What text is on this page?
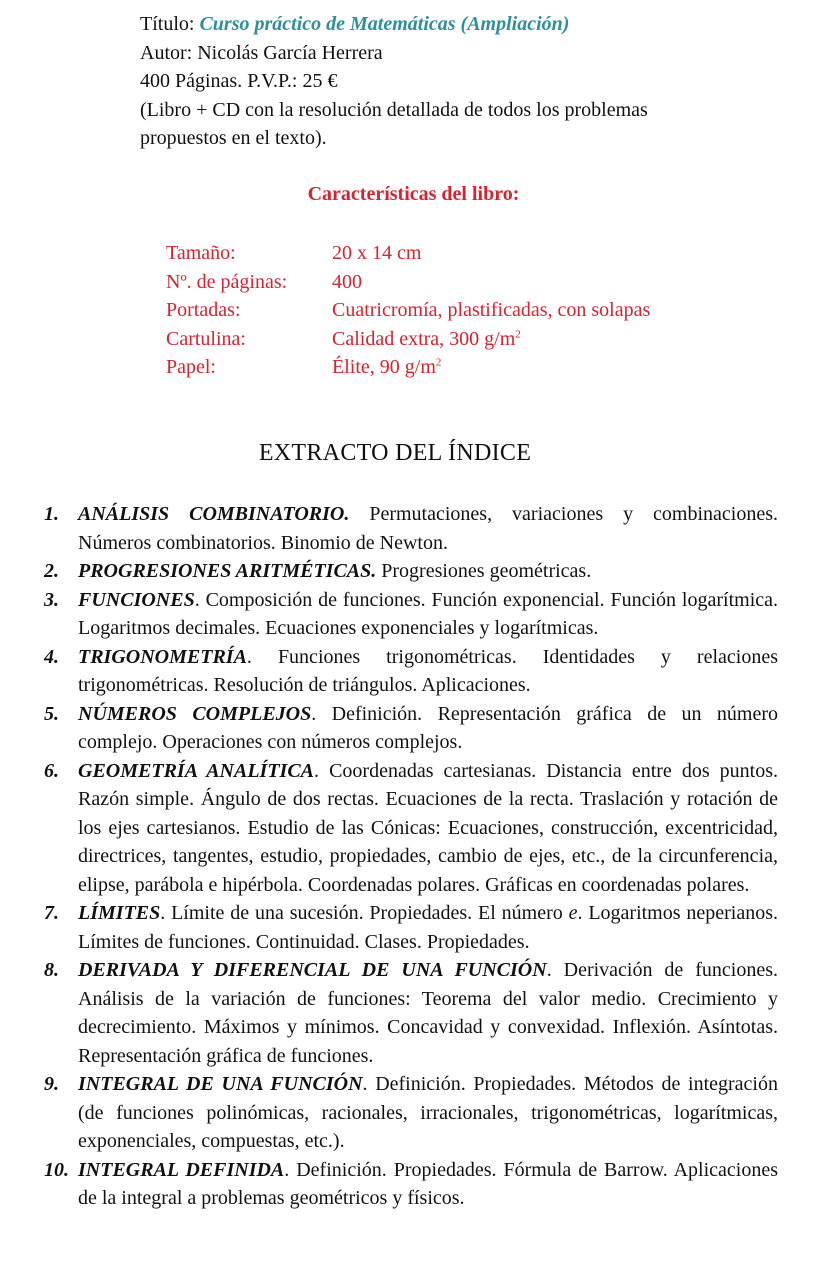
Título: Curso práctico de Matemáticas (Ampliación)
Autor: Nicolás García Herrera
400 Páginas. P.V.P.: 25 €
(Libro + CD con la resolución detallada de todos los problemas
propuestos en el texto).
Características del libro:
Tamaño:	20 x 14 cm
Nº. de páginas:	400
Portadas:	Cuatricromía, plastificadas, con solapas
Cartulina:	Calidad extra, 300 $g/m^2$
Papel:	Élite, 90 $g/m^2$
EXTRACTO DEL ÍNDICE
1. ANÁLISIS COMBINATORIO. Permutaciones, variaciones y combinaciones. Números combinatorios. Binomio de Newton.
2. PROGRESIONES ARITMÉTICAS. Progresiones geométricas.
3. FUNCIONES. Composición de funciones. Función exponencial. Función logarítmica. Logaritmos decimales. Ecuaciones exponenciales y logarítmicas.
4. TRIGONOMETRÍA. Funciones trigonométricas. Identidades y relaciones trigonométricas. Resolución de triángulos. Aplicaciones.
5. NÚMEROS COMPLEJOS. Definición. Representación gráfica de un número complejo. Operaciones con números complejos.
6. GEOMETRÍA ANALÍTICA. Coordenadas cartesianas. Distancia entre dos puntos. Razón simple. Ángulo de dos rectas. Ecuaciones de la recta. Traslación y rotación de los ejes cartesianos. Estudio de las Cónicas: Ecuaciones, construcción, excentricidad, directrices, tangentes, estudio, propiedades, cambio de ejes, etc., de la circunferencia, elipse, parábola e hipérbola. Coordenadas polares. Gráficas en coordenadas polares.
7. LÍMITES. Límite de una sucesión. Propiedades. El número e. Logaritmos neperianos. Límites de funciones. Continuidad. Clases. Propiedades.
8. DERIVADA Y DIFERENCIAL DE UNA FUNCIÓN. Derivación de funciones. Análisis de la variación de funciones: Teorema del valor medio. Crecimiento y decrecimiento. Máximos y mínimos. Concavidad y convexidad. Inflexión. Asíntotas. Representación gráfica de funciones.
9. INTEGRAL DE UNA FUNCIÓN. Definición. Propiedades. Métodos de integración (de funciones polinómicas, racionales, irracionales, trigonométricas, logarítmicas, exponenciales, compuestas, etc.).
10. INTEGRAL DEFINIDA. Definición. Propiedades. Fórmula de Barrow. Aplicaciones de la integral a problemas geométricos y físicos.
